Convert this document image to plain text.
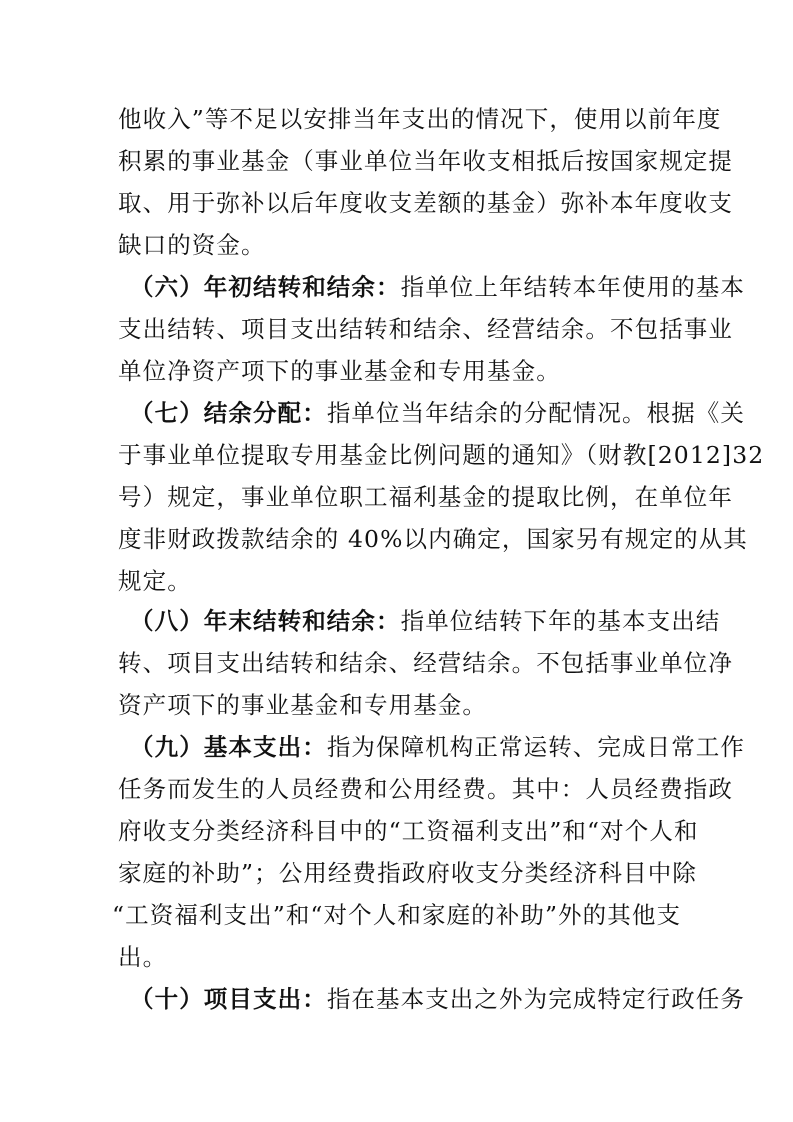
他收入”等不足以安排当年支出的情况下，使用以前年度
积累的事业基金（事业单位当年收支相抵后按国家规定提
取、用于弥补以后年度收支差额的基金）弥补本年度收支
缺口的资金。
（六）年初结转和结余：指单位上年结转本年使用的基本
支出结转、项目支出结转和结余、经营结余。不包括事业
单位净资产项下的事业基金和专用基金。
（七）结余分配：指单位当年结余的分配情况。根据《关
于事业单位提取专用基金比例问题的通知》（财教[2012]32
号）规定，事业单位职工福利基金的提取比例，在单位年
度非财政拨款结余的 40%以内确定，国家另有规定的从其
规定。
（八）年末结转和结余：指单位结转下年的基本支出结
转、项目支出结转和结余、经营结余。不包括事业单位净
资产项下的事业基金和专用基金。
（九）基本支出：指为保障机构正常运转、完成日常工作
任务而发生的人员经费和公用经费。其中：人员经费指政
府收支分类经济科目中的“工资福利支出”和“对个人和
家庭的补助”；公用经费指政府收支分类经济科目中除
“工资福利支出”和“对个人和家庭的补助”外的其他支
出。
（十）项目支出：指在基本支出之外为完成特定行政任务
